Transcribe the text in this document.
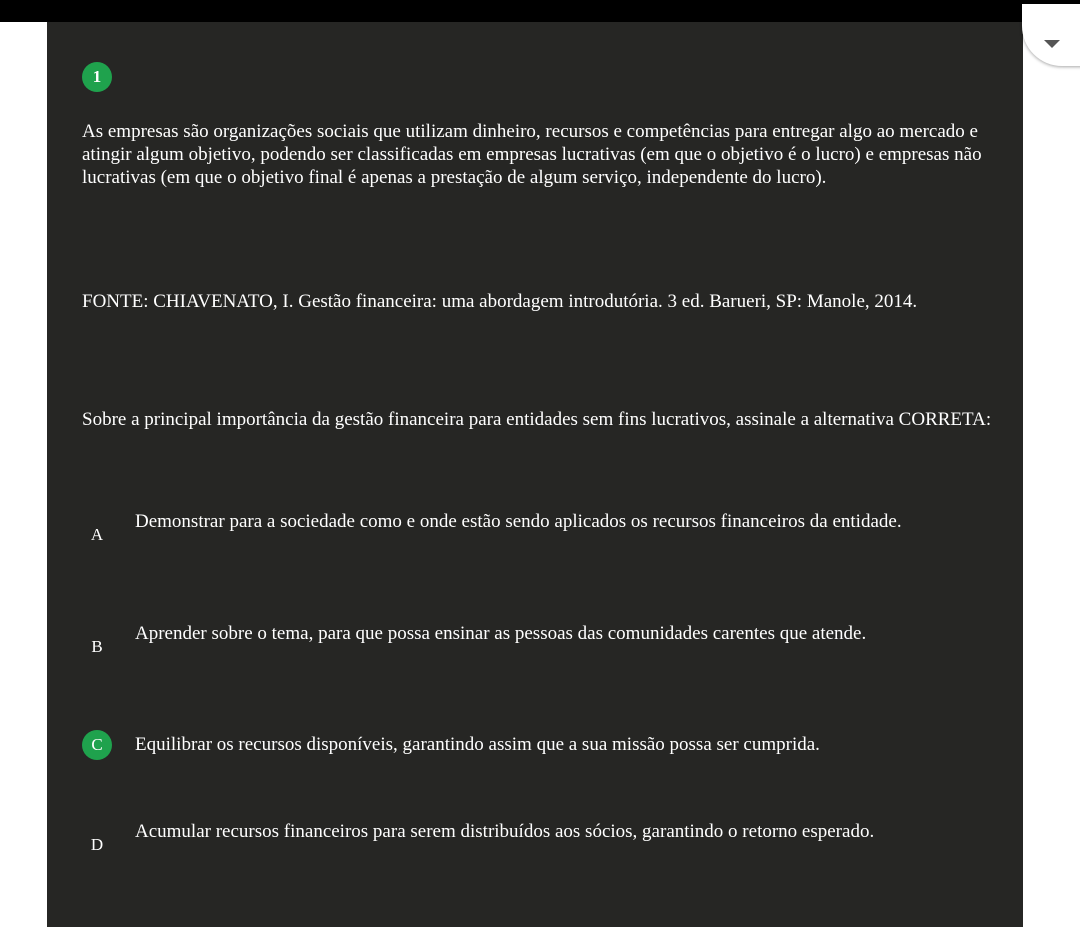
1

As empresas são organizações sociais que utilizam dinheiro, recursos e competências para entregar algo ao mercado e atingir algum objetivo, podendo ser classificadas em empresas lucrativas (em que o objetivo é o lucro) e empresas não lucrativas (em que o objetivo final é apenas a prestação de algum serviço, independente do lucro).

FONTE: CHIAVENATO, I. Gestão financeira: uma abordagem introdutória. 3 ed. Barueri, SP: Manole, 2014.

Sobre a principal importância da gestão financeira para entidades sem fins lucrativos, assinale a alternativa CORRETA:

A

Demonstrar para a sociedade como e onde estão sendo aplicados os recursos financeiros da entidade.

B

Aprender sobre o tema, para que possa ensinar as pessoas das comunidades carentes que atende.

C	Equilibrar os recursos disponíveis, garantindo assim que a sua missão possa ser cumprida.

D

Acumular recursos financeiros para serem distribuídos aos sócios, garantindo o retorno esperado.
